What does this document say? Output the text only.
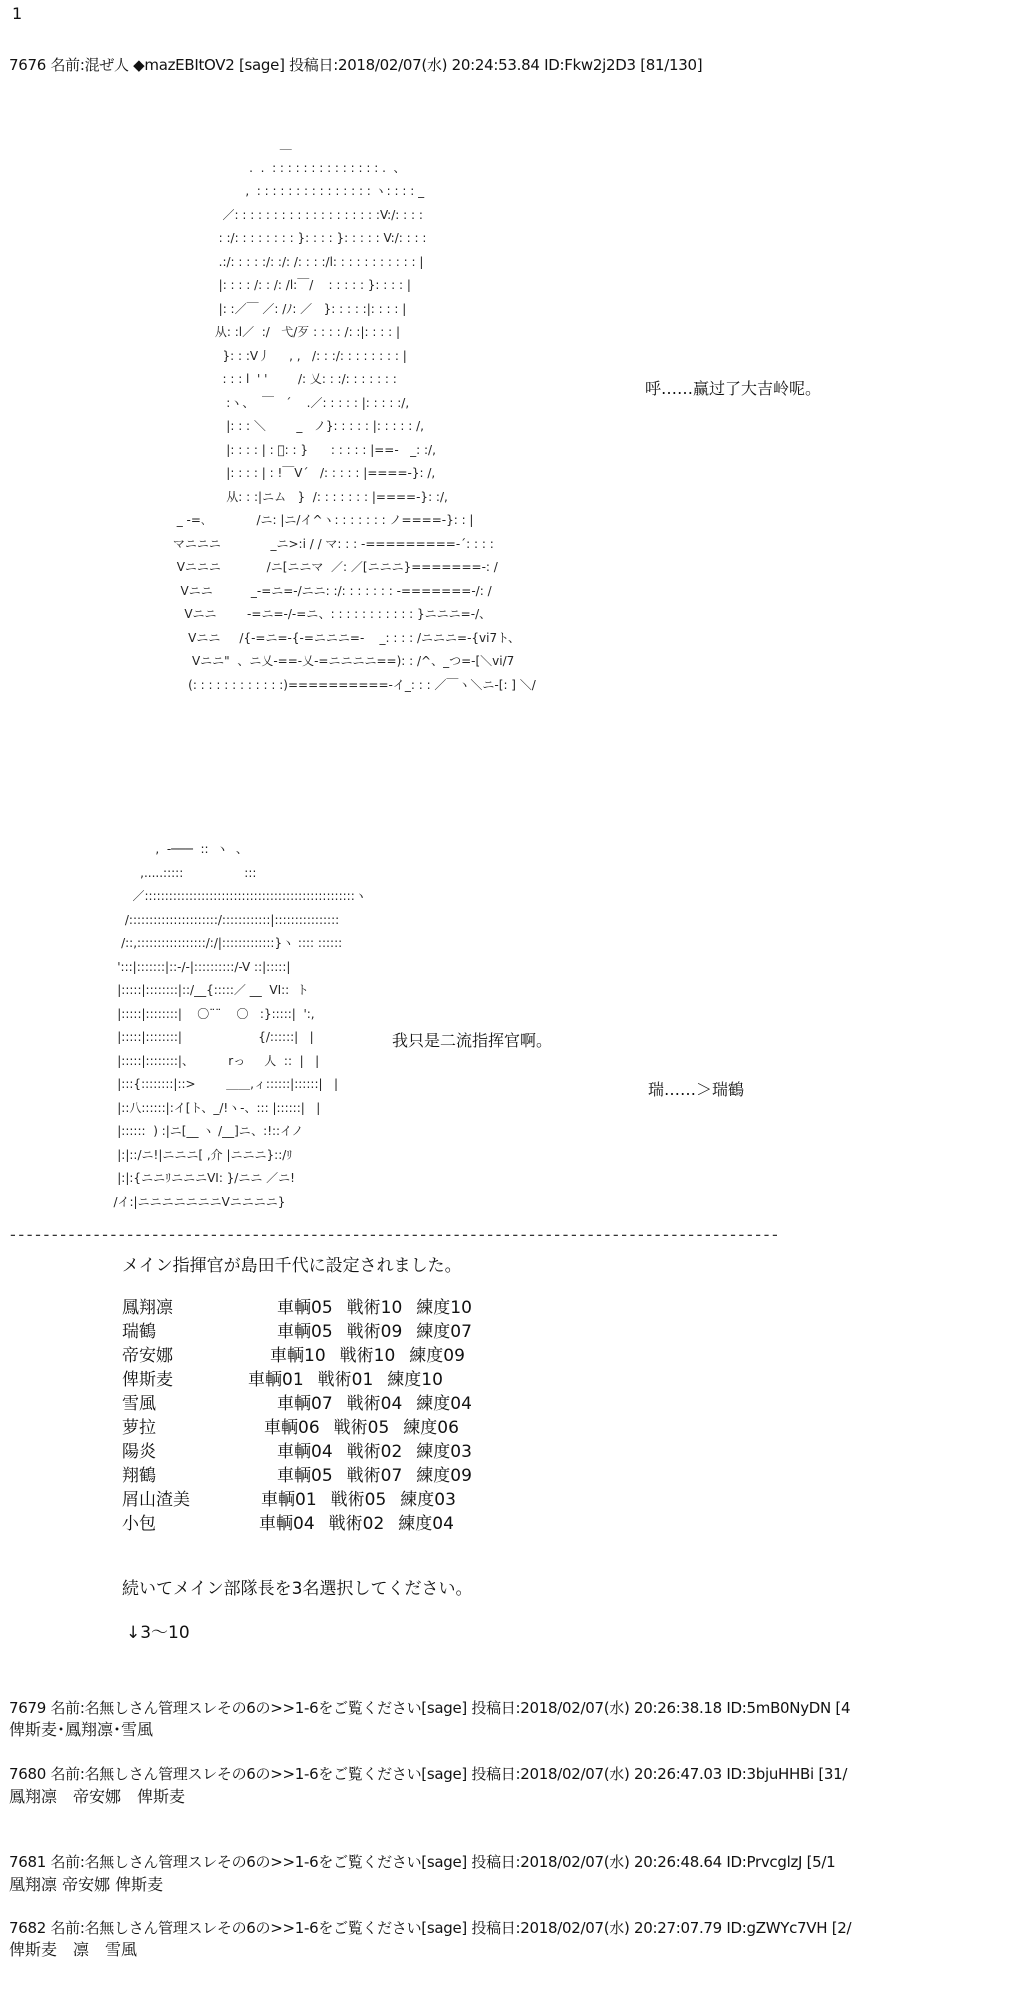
1
7676 名前:混ぜ人 ◆mazEBItOV2 [sage] 投稿日:2018/02/07(水) 20:24:53.84 ID:Fkw2j2D3 [81/130]
＿
.  .  : : : : : : : : : : : : : : .  、
,  : : : : : : : : : : : : : : : ヽ: : : : _
／: : : : : : : : : : : : : : : : : : :V:/: : : :
: :/: : : : : : : : }: : : : }: : : : : V:/: : : :
.:/: : : : :/: :/: /: : : :/l: : : : : : : : : : : |
|: : : : /: : /: /l:￣/    : : : : : }: : : : |
|: :／￣ ／: /ﾉ: ／   }: : : : :|: : : : |
从: :l／  :/   弋/歹 : : : : /: :|: : : : |
}: : :V丿     , ,   /: : :/: : : : : : : : |
: : : l  ' '        /: 乂: : :/: : : : : : :
:ヽ、  ￣   ´    .／: : : : : |: : : : :/,
|: : : ＼        _   ノ}: : : : : |: : : : : /,
|: : : : | : ﾞ: : }      : : : : : |==-   _: :/,
|: : : : | : !￣V´   /: : : : : |====-}: /,
从: : :|ニム   }  /: : : : : : : |====-}: :/,
_ -=､             /ニ: |ニ/イ^ヽ: : : : : : : ノ====-}: : |
マニニニ             _ニ>:i / / マ: : : -=========-´: : : :
Vニニニ            /ニ[ニニマ  ／: ／[ニニニ}=======-: /
Vニニ          _-=ニ=-/ニニ: :/: : : : : : : -=======-/: /
Vニニ        -=ニ=-/-=ニ、: : : : : : : : : : : }ニニニ=-/、
Vニニ     /{-=ニ=-{-=ニニニ=-    _: : : : /ニニニ=-{vi7ト、
Vニニ"  、ニ乂-==-乂-=ニニニニ==): : /^、_つ=-[＼vi/7
(: : : : : : : : : : : :)==========-イ_: : : ／￣ヽ＼ニ-[: ] ＼/
呼……赢过了大吉岭呢。
,  ‐───  ::  ヽ  、
,.....:::::                :::
／::::::::::::::::::::::::::::::::::::::::::::::::::::ヽ
/::::::::::::::::::::::/::::::::::::|::::::::::::::::
/::,:::::::::::::::::/:/|:::::::::::::}ヽ :::: ::::::
':::|:::::::|::-/-|::::::::::/-V ::|:::::|
|:::::|::::::::|::/__{:::::／ __  VI::  ト
|:::::|::::::::|    〇¨¨    〇   :}:::::|  ':,
|:::::|::::::::|                    {/::::::|   |
|:::::|::::::::|、         rっ     人  ::  |   |
|:::{::::::::|::>        ＿＿,ィ::::::|::::::|   |
|::八::::::|:イ[ト、_/!ヽ-、::: |::::::|   |
|::::::  ) :|ニ[__ ヽ /__]ニ、:!::イノ
|:|::/ニ!|ニニニ[ ,介 |ニニニ}::/ﾘ
|:|:{ニニﾘニニニVI: }/ニニ ／ニ!
/イ:|ニニニニニニニVニニニニ}
我只是二流指挥官啊。
瑞……＞瑞鶴
--------------------------------------------------------------------------------------------
メイン指揮官が島田千代に設定されました。
鳳翔凛	車輌05 戦術10 練度10
瑞鶴	車輌05 戦術09 練度07
帝安娜	車輌10 戦術10 練度09
俾斯麦	車輌01 戦術01 練度10
雪風	車輌07 戦術04 練度04
萝拉	車輌06 戦術05 練度06
陽炎	車輌04 戦術02 練度03
翔鶴	車輌05 戦術07 練度09
屑山渣美	車輌01 戦術05 練度03
小包	車輌04 戦術02 練度04
続いてメイン部隊長を3名選択してください。
↓3～10
7679 名前:名無しさん管理スレその6の>>1-6をご覧ください[sage] 投稿日:2018/02/07(水) 20:26:38.18 ID:5mB0NyDN [4
俾斯麦･鳳翔凛･雪風
7680 名前:名無しさん管理スレその6の>>1-6をご覧ください[sage] 投稿日:2018/02/07(水) 20:26:47.03 ID:3bjuHHBi [31/
鳳翔凛　帝安娜　俾斯麦
7681 名前:名無しさん管理スレその6の>>1-6をご覧ください[sage] 投稿日:2018/02/07(水) 20:26:48.64 ID:PrvcglzJ [5/1
凰翔凛 帝安娜 俾斯麦
7682 名前:名無しさん管理スレその6の>>1-6をご覧ください[sage] 投稿日:2018/02/07(水) 20:27:07.79 ID:gZWYc7VH [2/
俾斯麦　凛　雪風
